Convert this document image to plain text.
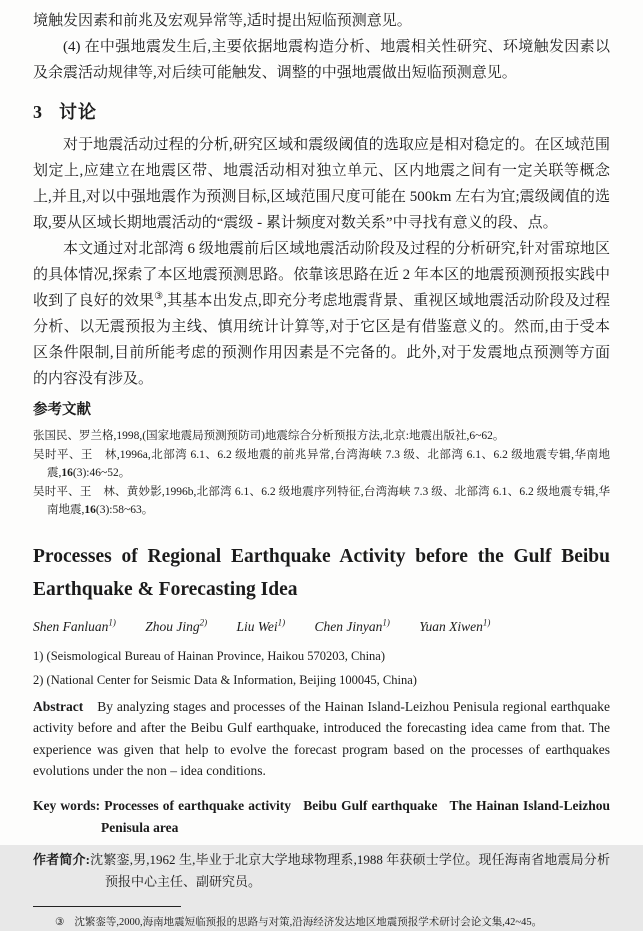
境触发因素和前兆及宏观异常等,适时提出短临预测意见。

(4) 在中强地震发生后,主要依据地震构造分析、地震相关性研究、环境触发因素以及余震活动规律等,对后续可能触发、调整的中强地震做出短临预测意见。

3 讨论

对于地震活动过程的分析,研究区域和震级阈值的选取应是相对稳定的。在区域范围划定上,应建立在地震区带、地震活动相对独立单元、区内地震之间有一定关联等概念上,并且,对以中强地震作为预测目标,区域范围尺度可能在 500km 左右为宜;震级阈值的选取,要从区域长期地震活动的“震级 - 累计频度对数关系”中寻找有意义的段、点。

本文通过对北部湾 6 级地震前后区域地震活动阶段及过程的分析研究,针对雷琼地区的具体情况,探索了本区地震预测思路。依靠该思路在近 2 年本区的地震预测预报实践中收到了良好的效果③,其基本出发点,即充分考虑地震背景、重视区域地震活动阶段及过程分析、以无震预报为主线、慎用统计计算等,对于它区是有借鉴意义的。然而,由于受本区条件限制,目前所能考虑的预测作用因素是不完备的。此外,对于发震地点预测等方面的内容没有涉及。

参考文献

张国民、罗兰格,1998,(国家地震局预测预防司)地震综合分析预报方法,北京:地震出版社,6~62。

吴时平、王　林,1996a,北部湾 6.1、6.2 级地震的前兆异常,台湾海峡 7.3 级、北部湾 6.1、6.2 级地震专辑,华南地震,16(3):46~52。

吴时平、王　林、黄妙影,1996b,北部湾 6.1、6.2 级地震序列特征,台湾海峡 7.3 级、北部湾 6.1、6.2 级地震专辑,华南地震,16(3):58~63。

Processes of Regional Earthquake Activity before the Gulf Beibu
Earthquake & Forecasting Idea
Shen Fanluan$^{1)}$ Zhou Jing$^{2)}$ Liu Wei$^{1)}$ Chen Jinyan$^{1)}$ Yuan Xiwen$^{1)}$

1) (Seismological Bureau of Hainan Province, Haikou 570203, China)

2) (National Center for Seismic Data & Information, Beijing 100045, China)

Abstract By analyzing stages and processes of the Hainan Island-Leizhou Penisula regional earthquake activity before and after the Beibu Gulf earthquake, introduced the forecasting idea came from that. The experience was given that help to evolve the forecast program based on the processes of earthquakes evolutions under the non – idea conditions.

Key words: Processes of earthquake activity   Beibu Gulf earthquake   The Hainan Island-Leizhou Penisula area

作者简介:沈繁銮,男,1962 生,毕业于北京大学地球物理系,1988 年获硕士学位。现任海南省地震局分析预报中心主任、副研究员。

③ 沈繁銮等,2000,海南地震短临预报的思路与对策,沿海经济发达地区地震预报学术研讨会论文集,42~45。
